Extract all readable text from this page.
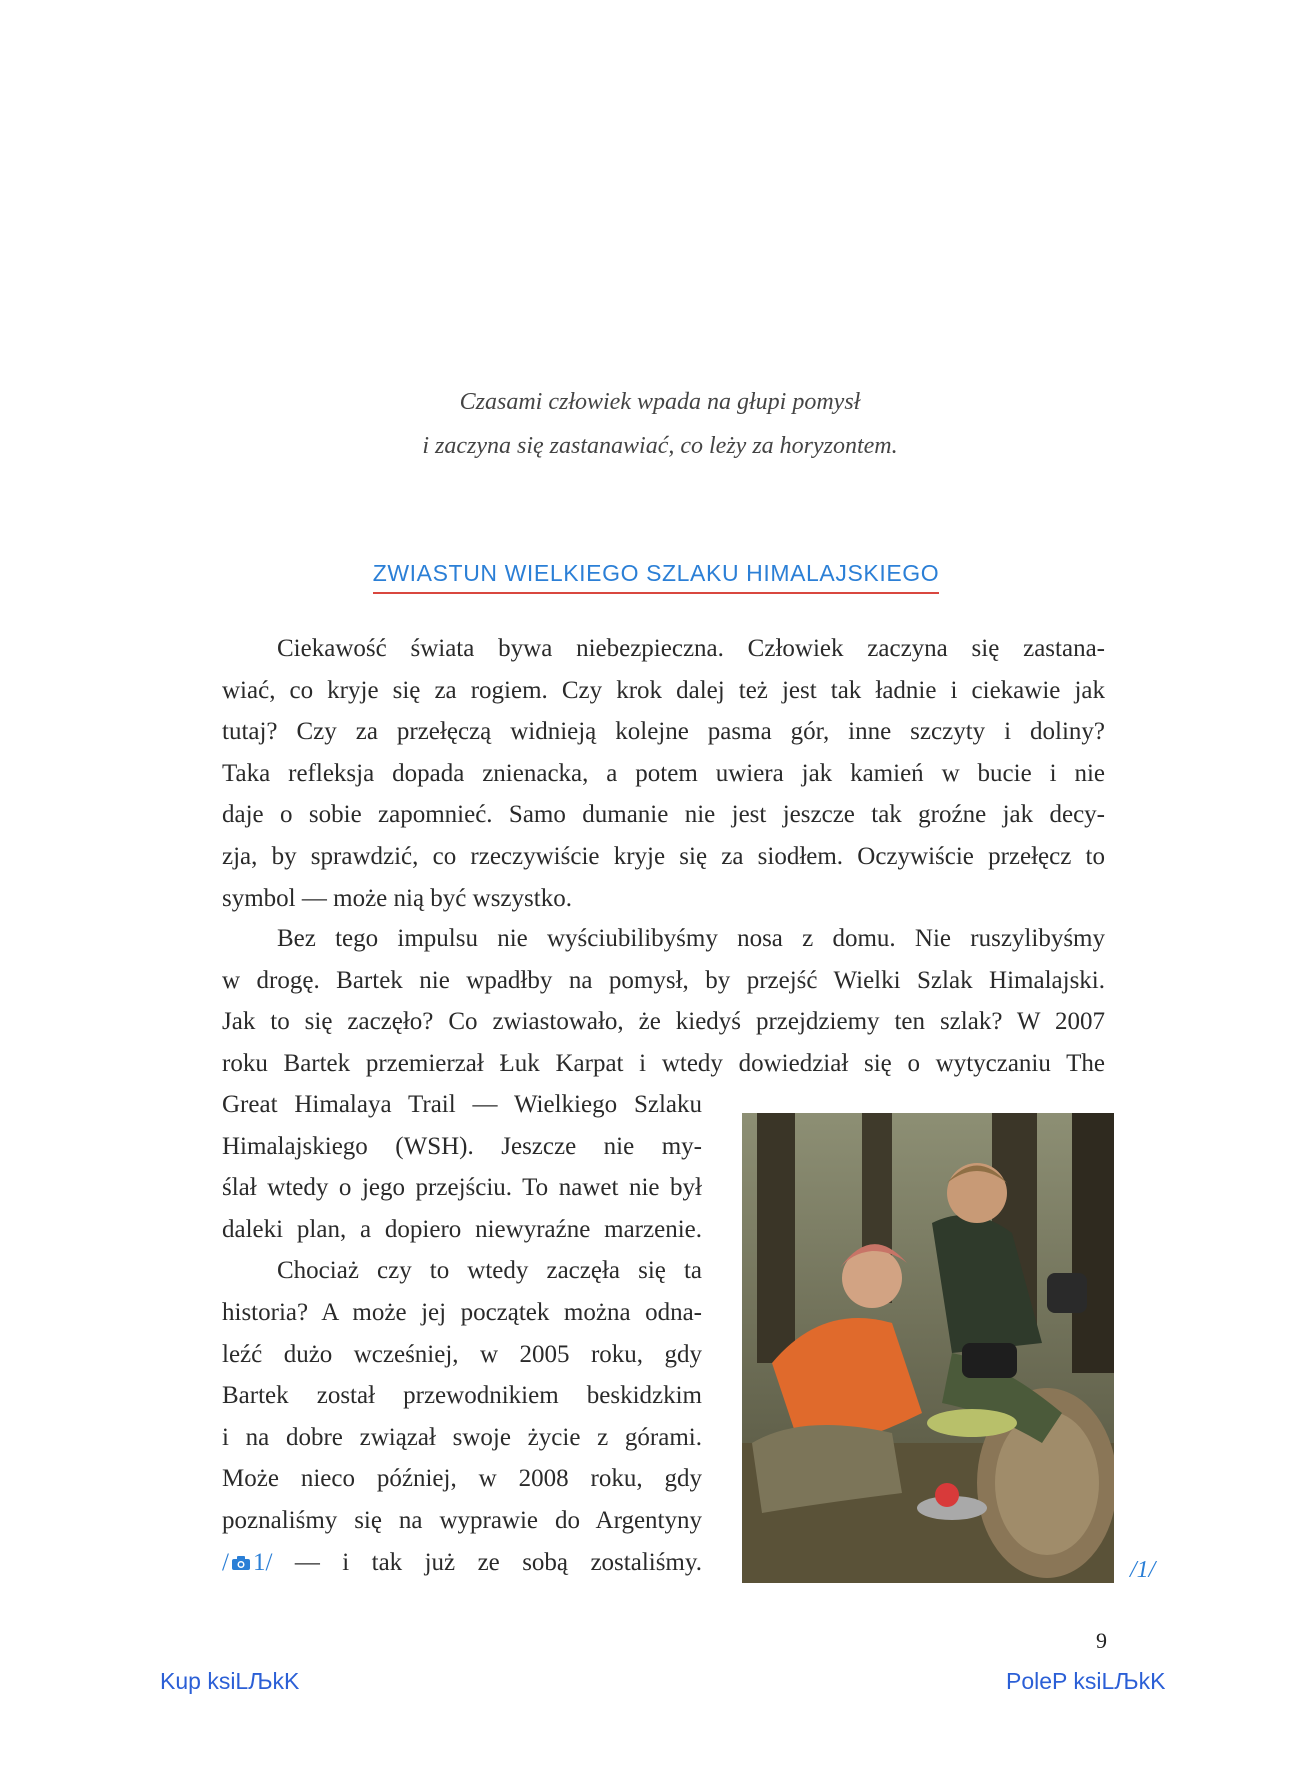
Czasami człowiek wpada na głupi pomysł
i zaczyna się zastanawiać, co leży za horyzontem.
ZWIASTUN WIELKIEGO SZLAKU HIMALAJSKIEGO
Ciekawość świata bywa niebezpieczna. Człowiek zaczyna się zastana-
wiać, co kryje się za rogiem. Czy krok dalej też jest tak ładnie i ciekawie jak
tutaj? Czy za przełęczą widnieją kolejne pasma gór, inne szczyty i doliny?
Taka refleksja dopada znienacka, a potem uwiera jak kamień w bucie i nie
daje o sobie zapomnieć. Samo dumanie nie jest jeszcze tak groźne jak decy-
zja, by sprawdzić, co rzeczywiście kryje się za siodłem. Oczywiście przełęcz to
symbol — może nią być wszystko.
Bez tego impulsu nie wyściubilibyśmy nosa z domu. Nie ruszylibyśmy
w drogę. Bartek nie wpadłby na pomysł, by przejść Wielki Szlak Himalajski.
Jak to się zaczęło? Co zwiastowało, że kiedyś przejdziemy ten szlak? W 2007
roku Bartek przemierzał Łuk Karpat i wtedy dowiedział się o wytyczaniu The
Great Himalaya Trail — Wielkiego Szlaku
Himalajskiego (WSH). Jeszcze nie my-
ślał wtedy o jego przejściu. To nawet nie był
daleki plan, a dopiero niewyraźne marzenie.
Chociaż czy to wtedy zaczęła się ta
historia? A może jej początek można odna-
leźć dużo wcześniej, w 2005 roku, gdy
Bartek został przewodnikiem beskidzkim
i na dobre związał swoje życie z górami.
Może nieco później, w 2008 roku, gdy
poznaliśmy się na wyprawie do Argentyny
/ 1/ — i tak już ze sobą zostaliśmy.	/1/
9
Kup ksiLЉkK	PoleP ksiLЉkK
